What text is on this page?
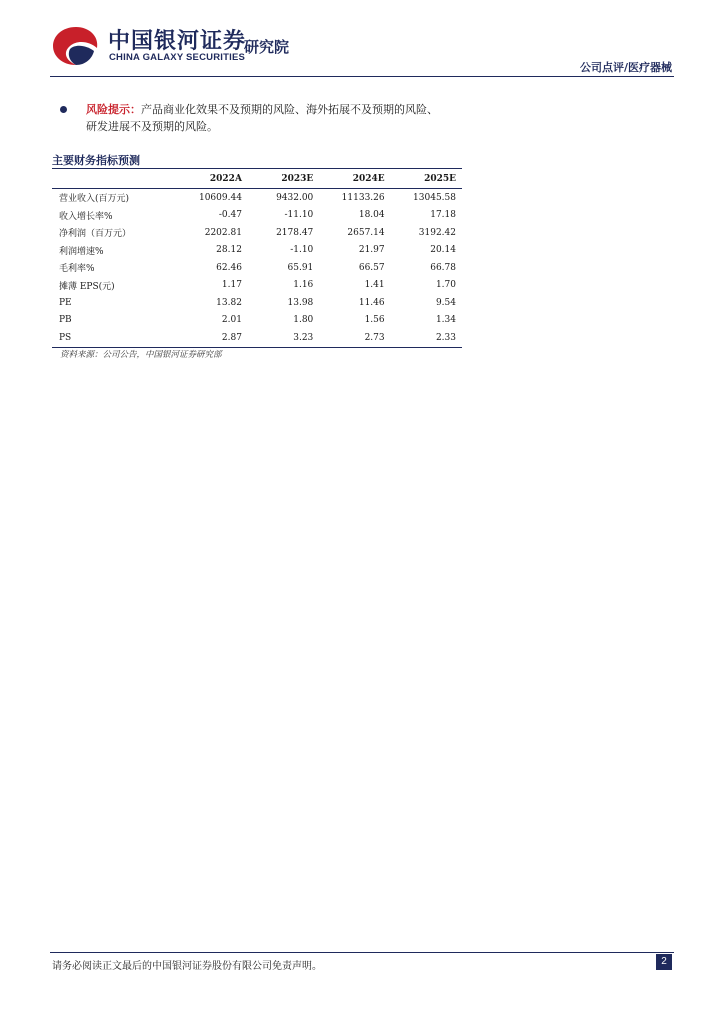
中国银河证券
CHINA GALAXY SECURITIES
研究院
公司点评/医疗器械
风险提示：产品商业化效果不及预期的风险、海外拓展不及预期的风险、
研发进展不及预期的风险。
主要财务指标预测
	2022A	2023E	2024E	2025E
营业收入(百万元)	10609.44	9432.00	11133.26	13045.58
收入增长率%	-0.47	-11.10	18.04	17.18
净利润（百万元）	2202.81	2178.47	2657.14	3192.42
利润增速%	28.12	-1.10	21.97	20.14
毛利率%	62.46	65.91	66.57	66.78
摊薄 EPS(元)	1.17	1.16	1.41	1.70
PE	13.82	13.98	11.46	9.54
PB	2.01	1.80	1.56	1.34
PS	2.87	3.23	2.73	2.33
资料来源：公司公告，中国银河证券研究部
请务必阅读正文最后的中国银河证券股份有限公司免责声明。	2
